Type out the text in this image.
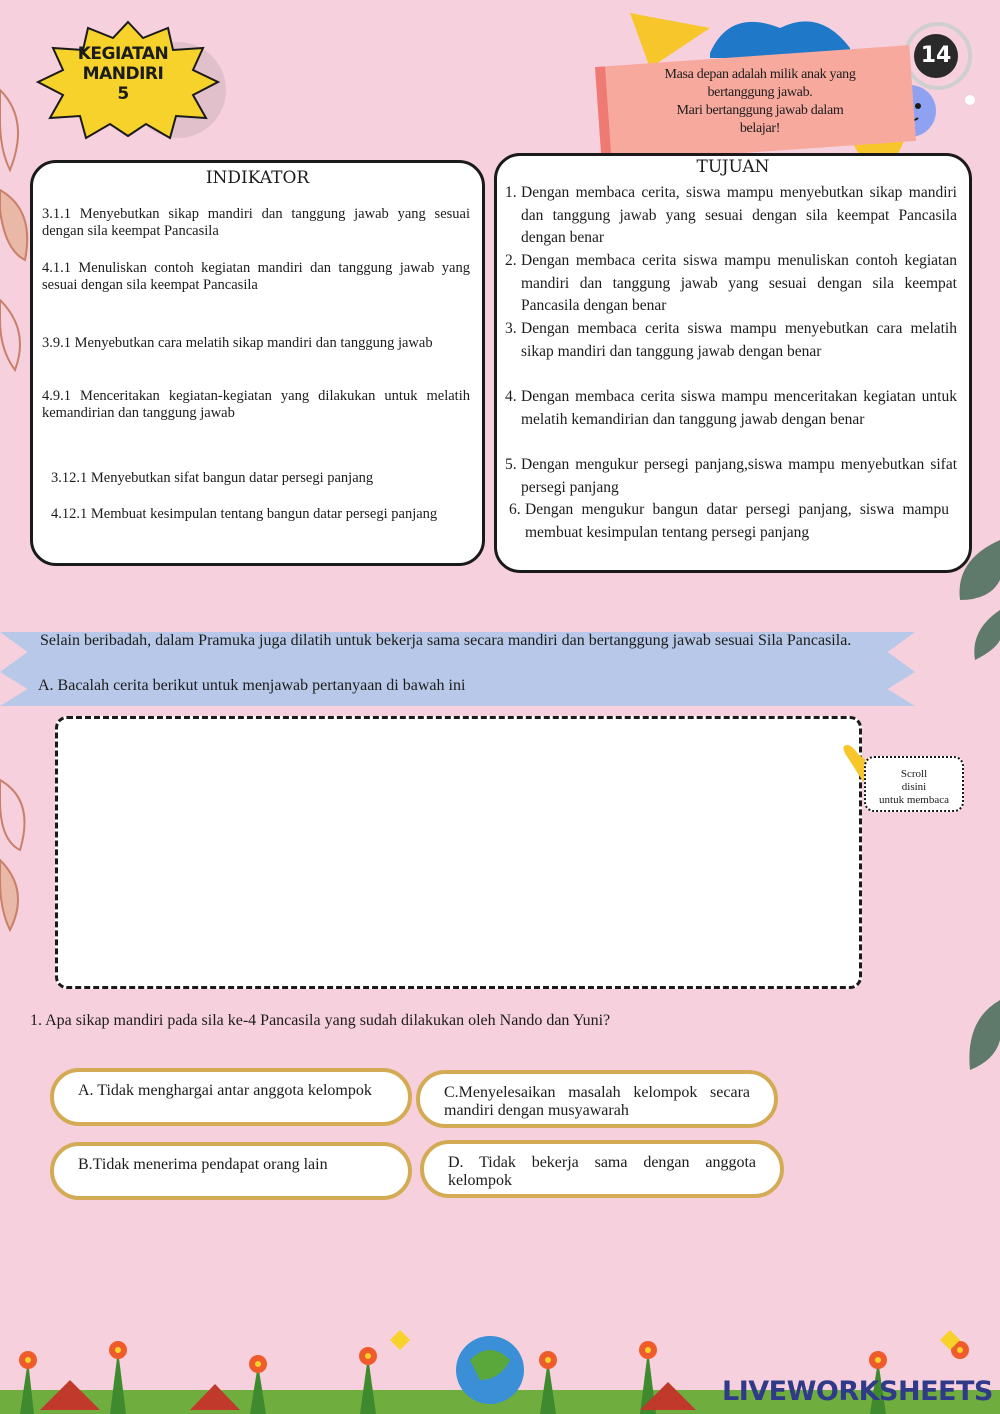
KEGIATAN
MANDIRI
5
Masa depan adalah milik anak yang
bertanggung jawab.
Mari bertanggung jawab dalam
belajar!
14
INDIKATOR
3.1.1 Menyebutkan sikap mandiri dan tanggung jawab yang sesuai dengan sila keempat Pancasila
4.1.1 Menuliskan contoh kegiatan mandiri dan tanggung jawab yang sesuai dengan sila keempat Pancasila
3.9.1 Menyebutkan cara melatih sikap mandiri dan tanggung jawab
4.9.1 Menceritakan kegiatan-kegiatan yang dilakukan untuk melatih kemandirian dan tanggung jawab
3.12.1 Menyebutkan sifat bangun datar persegi panjang
4.12.1 Membuat kesimpulan tentang bangun datar persegi panjang
TUJUAN
1. Dengan membaca cerita, siswa mampu menyebutkan sikap mandiri dan tanggung jawab yang sesuai dengan sila keempat Pancasila dengan benar
2. Dengan membaca cerita siswa mampu menuliskan contoh kegiatan mandiri dan tanggung jawab yang sesuai dengan sila keempat Pancasila dengan benar
3. Dengan membaca cerita siswa mampu menyebutkan cara melatih sikap mandiri dan tanggung jawab dengan benar
4. Dengan membaca cerita siswa mampu menceritakan kegiatan untuk melatih kemandirian dan tanggung jawab dengan benar
5. Dengan mengukur persegi panjang,siswa mampu menyebutkan sifat persegi panjang
6. Dengan mengukur bangun datar persegi panjang, siswa mampu membuat kesimpulan tentang persegi panjang
Selain beribadah, dalam Pramuka juga dilatih untuk bekerja sama secara mandiri dan bertanggung jawab sesuai Sila Pancasila.
A. Bacalah cerita berikut untuk menjawab pertanyaan di bawah ini
Scroll
disini
untuk membaca
1. Apa sikap mandiri pada sila ke-4 Pancasila yang sudah dilakukan oleh Nando dan Yuni?
A. Tidak menghargai antar anggota kelompok	C.Menyelesaikan masalah kelompok secara mandiri dengan musyawarah
B.Tidak menerima pendapat orang lain	D. Tidak bekerja sama dengan anggota kelompok
LIVEWORKSHEETS
